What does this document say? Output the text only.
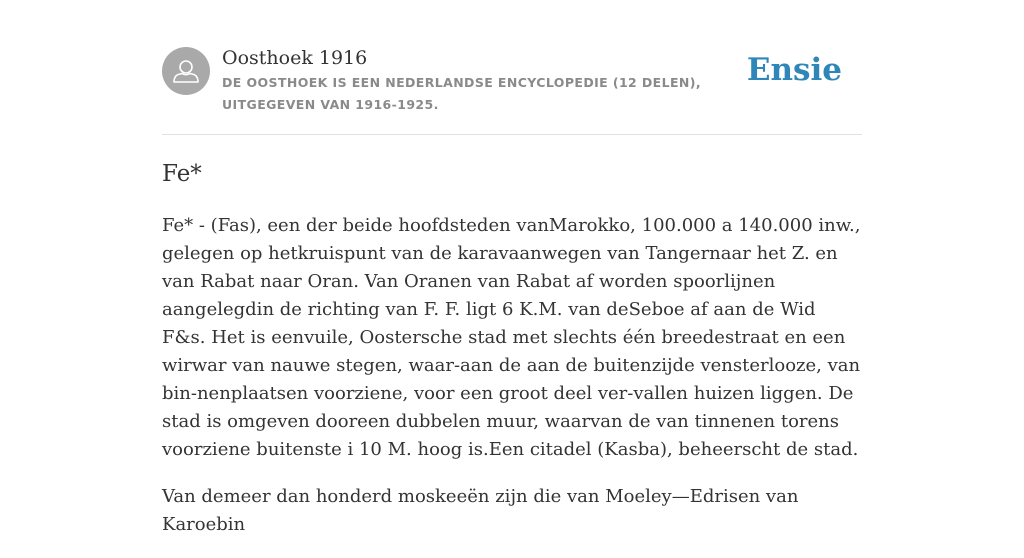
Oosthoek 1916
DE OOSTHOEK IS EEN NEDERLANDSE ENCYCLOPEDIE (12 DELEN), UITGEGEVEN VAN 1916-1925.
Ensie
Fe*

Fe* - (Fas), een der beide hoofdsteden vanMarokko, 100.000 a 140.000 inw., gelegen op hetkruispunt van de karavaanwegen van Tangernaar het Z. en van Rabat naar Oran. Van Oranen van Rabat af worden spoorlijnen aangelegdin de richting van F. F. ligt 6 K.M. van deSeboe af aan de Wid F&s. Het is eenvuile, Oostersche stad met slechts één breedestraat en een wirwar van nauwe stegen, waar-aan de aan de buitenzijde vensterlooze, van bin-nenplaatsen voorziene, voor een groot deel ver-vallen huizen liggen. De stad is omgeven dooreen dubbelen muur, waarvan de van tinnenen torens voorziene buitenste i 10 M. hoog is.Een citadel (Kasba), beheerscht de stad.

Van demeer dan honderd moskeeën zijn die van Moeley—Edrisen van Karoebin
